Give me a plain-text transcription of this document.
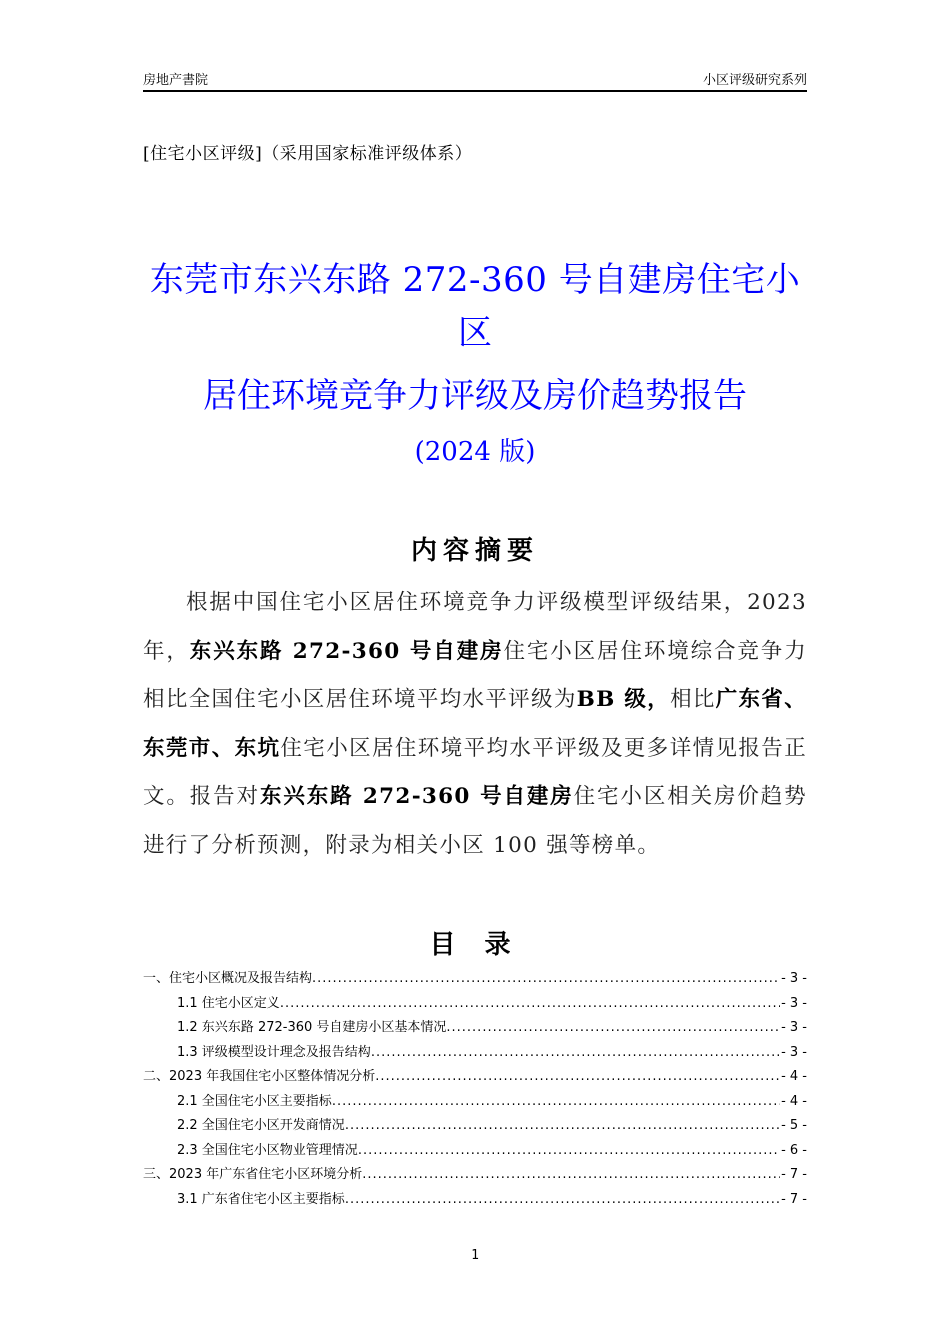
房地产書院	小区评级研究系列
[住宅小区评级]（采用国家标准评级体系）
东莞市东兴东路 272-360 号自建房住宅小
区
居住环境竞争力评级及房价趋势报告
(2024 版)
内容摘要

根据中国住宅小区居住环境竞争力评级模型评级结果，2023 年，东兴东路 272-360 号自建房住宅小区居住环境综合竞争力相比全国住宅小区居住环境平均水平评级为BB 级，相比广东省、东莞市、东坑住宅小区居住环境平均水平评级及更多详情见报告正文。报告对东兴东路 272-360 号自建房住宅小区相关房价趋势进行了分析预测，附录为相关小区 100 强等榜单。

目 录
一、住宅小区概况及报告结构 .....	- 3 -
1.1 住宅小区定义 .....	- 3 -
1.2 东兴东路 272-360 号自建房小区基本情况 .....	- 3 -
1.3 评级模型设计理念及报告结构 .....	- 3 -
二、2023 年我国住宅小区整体情况分析 .....	- 4 -
2.1 全国住宅小区主要指标 .....	- 4 -
2.2 全国住宅小区开发商情况 .....	- 5 -
2.3 全国住宅小区物业管理情况 .....	- 6 -
三、2023 年广东省住宅小区环境分析 .....	- 7 -
3.1 广东省住宅小区主要指标 .....	- 7 -
1
